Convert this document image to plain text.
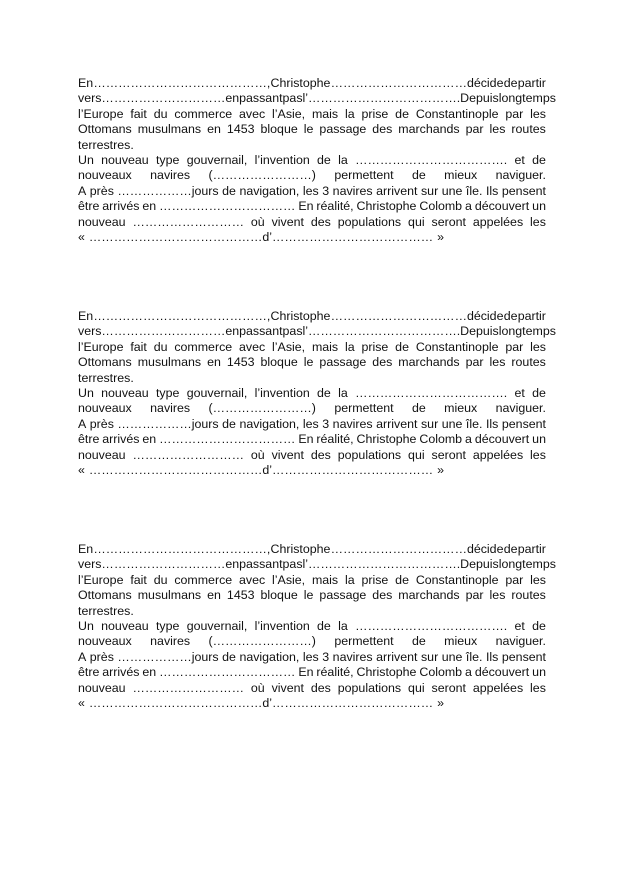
En ……………………………………, Christophe ……………………………décide de partir
vers …………………………en passant pas l’………………………………. Depuis longtemps
l’Europe fait du commerce avec l’Asie, mais la prise de Constantinople par les
Ottomans musulmans en 1453 bloque le passage des marchands par les routes
terrestres.
Un nouveau type gouvernail, l’invention de la ………………………………. et de
nouveaux navires (……………………) permettent de mieux naviguer.
A près ………………jours de navigation, les 3 navires arrivent sur une île. Ils pensent
être arrivés en …………………………… En réalité, Christophe Colomb a découvert un
nouveau ……………………… où vivent des populations qui seront appelées les
« ……………………………………d’………………………………… »
En ……………………………………, Christophe ……………………………décide de partir
vers …………………………en passant pas l’………………………………. Depuis longtemps
l’Europe fait du commerce avec l’Asie, mais la prise de Constantinople par les
Ottomans musulmans en 1453 bloque le passage des marchands par les routes
terrestres.
Un nouveau type gouvernail, l’invention de la ………………………………. et de
nouveaux navires (……………………) permettent de mieux naviguer.
A près ………………jours de navigation, les 3 navires arrivent sur une île. Ils pensent
être arrivés en …………………………… En réalité, Christophe Colomb a découvert un
nouveau ……………………… où vivent des populations qui seront appelées les
« ……………………………………d’………………………………… »
En ……………………………………, Christophe ……………………………décide de partir
vers …………………………en passant pas l’………………………………. Depuis longtemps
l’Europe fait du commerce avec l’Asie, mais la prise de Constantinople par les
Ottomans musulmans en 1453 bloque le passage des marchands par les routes
terrestres.
Un nouveau type gouvernail, l’invention de la ………………………………. et de
nouveaux navires (……………………) permettent de mieux naviguer.
A près ………………jours de navigation, les 3 navires arrivent sur une île. Ils pensent
être arrivés en …………………………… En réalité, Christophe Colomb a découvert un
nouveau ……………………… où vivent des populations qui seront appelées les
« ……………………………………d’………………………………… »
